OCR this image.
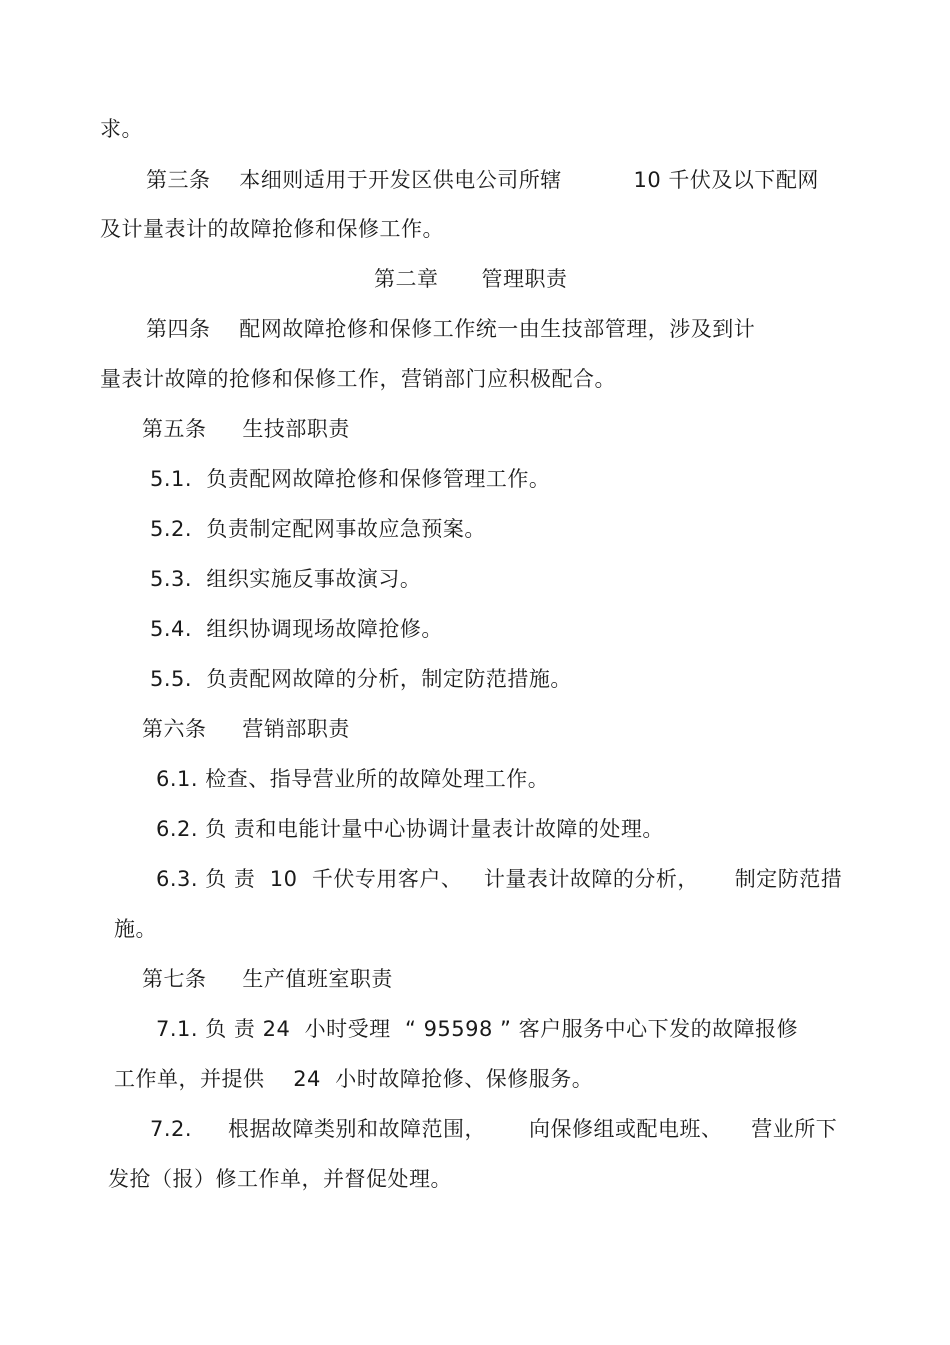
求。
第三条    本细则适用于开发区供电公司所辖          10 千伏及以下配网
及计量表计的故障抢修和保修工作。
第二章      管理职责
第四条    配网故障抢修和保修工作统一由生技部管理，涉及到计
量表计故障的抢修和保修工作，营销部门应积极配合。
第五条     生技部职责
5.1.  负责配网故障抢修和保修管理工作。
5.2.  负责制定配网事故应急预案。
5.3.  组织实施反事故演习。
5.4.  组织协调现场故障抢修。
5.5.  负责配网故障的分析，制定防范措施。
第六条     营销部职责
6.1. 检查、指导营业所的故障处理工作。
6.2. 负 责和电能计量中心协调计量表计故障的处理。
6.3. 负 责  10  千伏专用客户、   计量表计故障的分析，     制定防范措
施。
第七条     生产值班室职责
7.1. 负 责 24  小时受理  “ 95598 ” 客户服务中心下发的故障报修
工作单，并提供    24  小时故障抢修、保修服务。
7.2.     根据故障类别和故障范围，      向保修组或配电班、    营业所下
发抢（报）修工作单，并督促处理。
